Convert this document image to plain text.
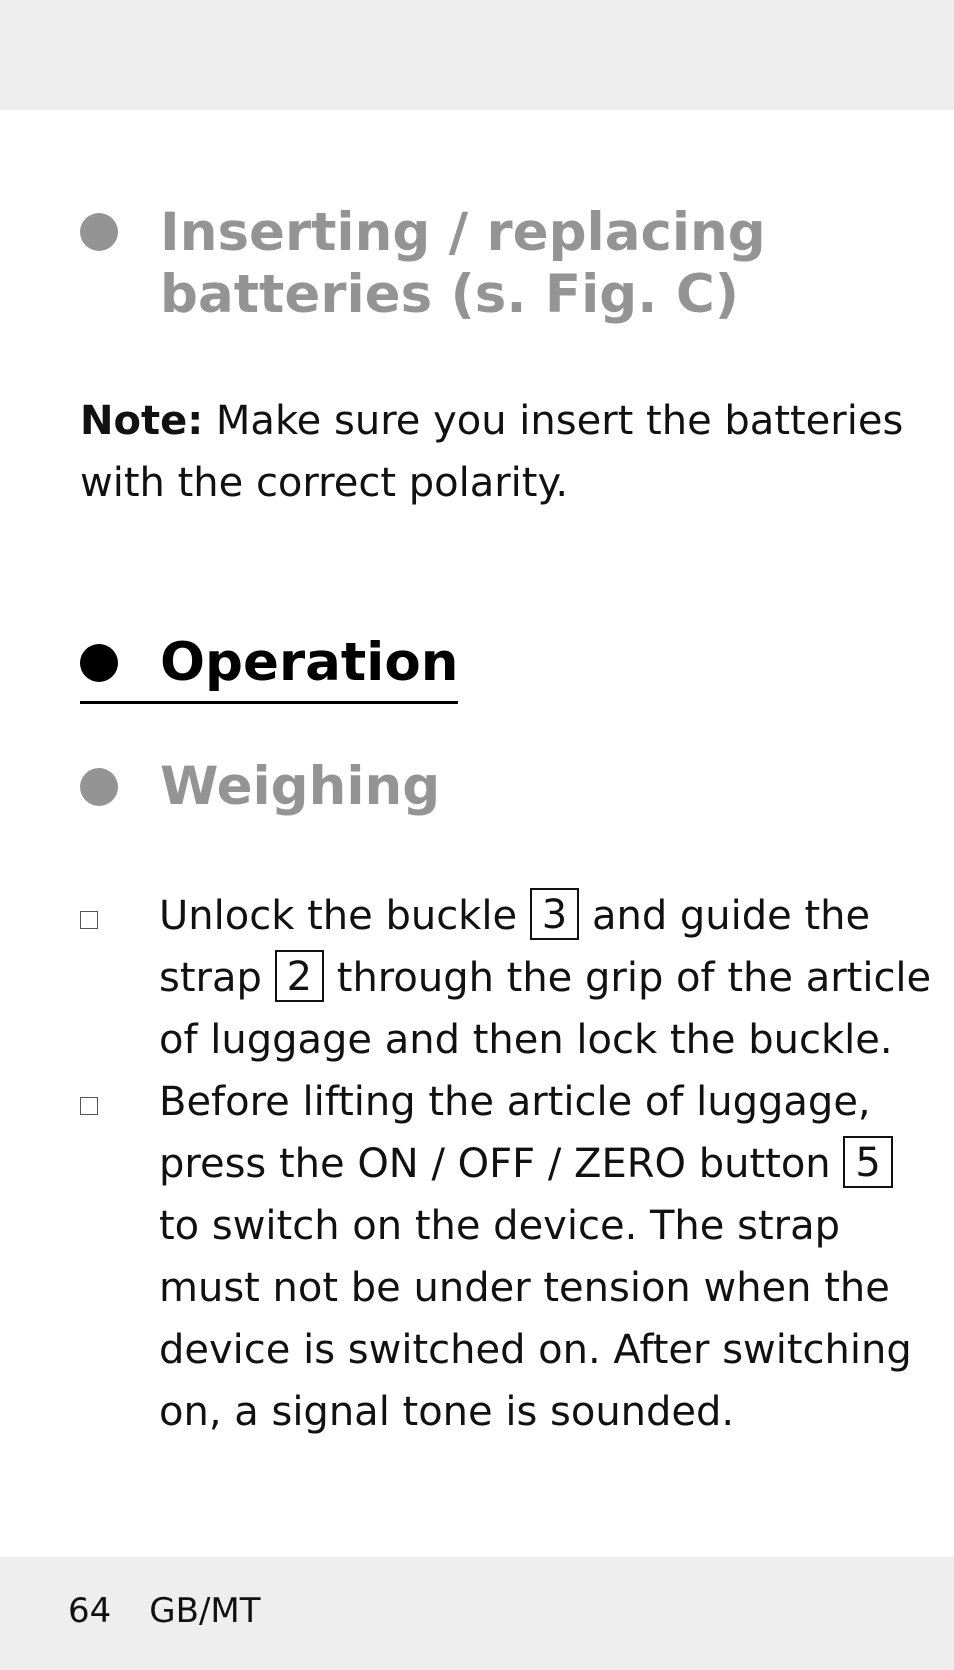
Inserting / replacing
batteries (s. Fig. C)
Note: Make sure you insert the batteries
with the correct polarity.
Operation
Weighing
Unlock the buckle 3 and guide the
strap 2 through the grip of the article
of luggage and then lock the buckle.
Before lifting the article of luggage,
press the ON / OFF / ZERO button 5
to switch on the device. The strap
must not be under tension when the
device is switched on. After switching
on, a signal tone is sounded.
64 GB/MT
